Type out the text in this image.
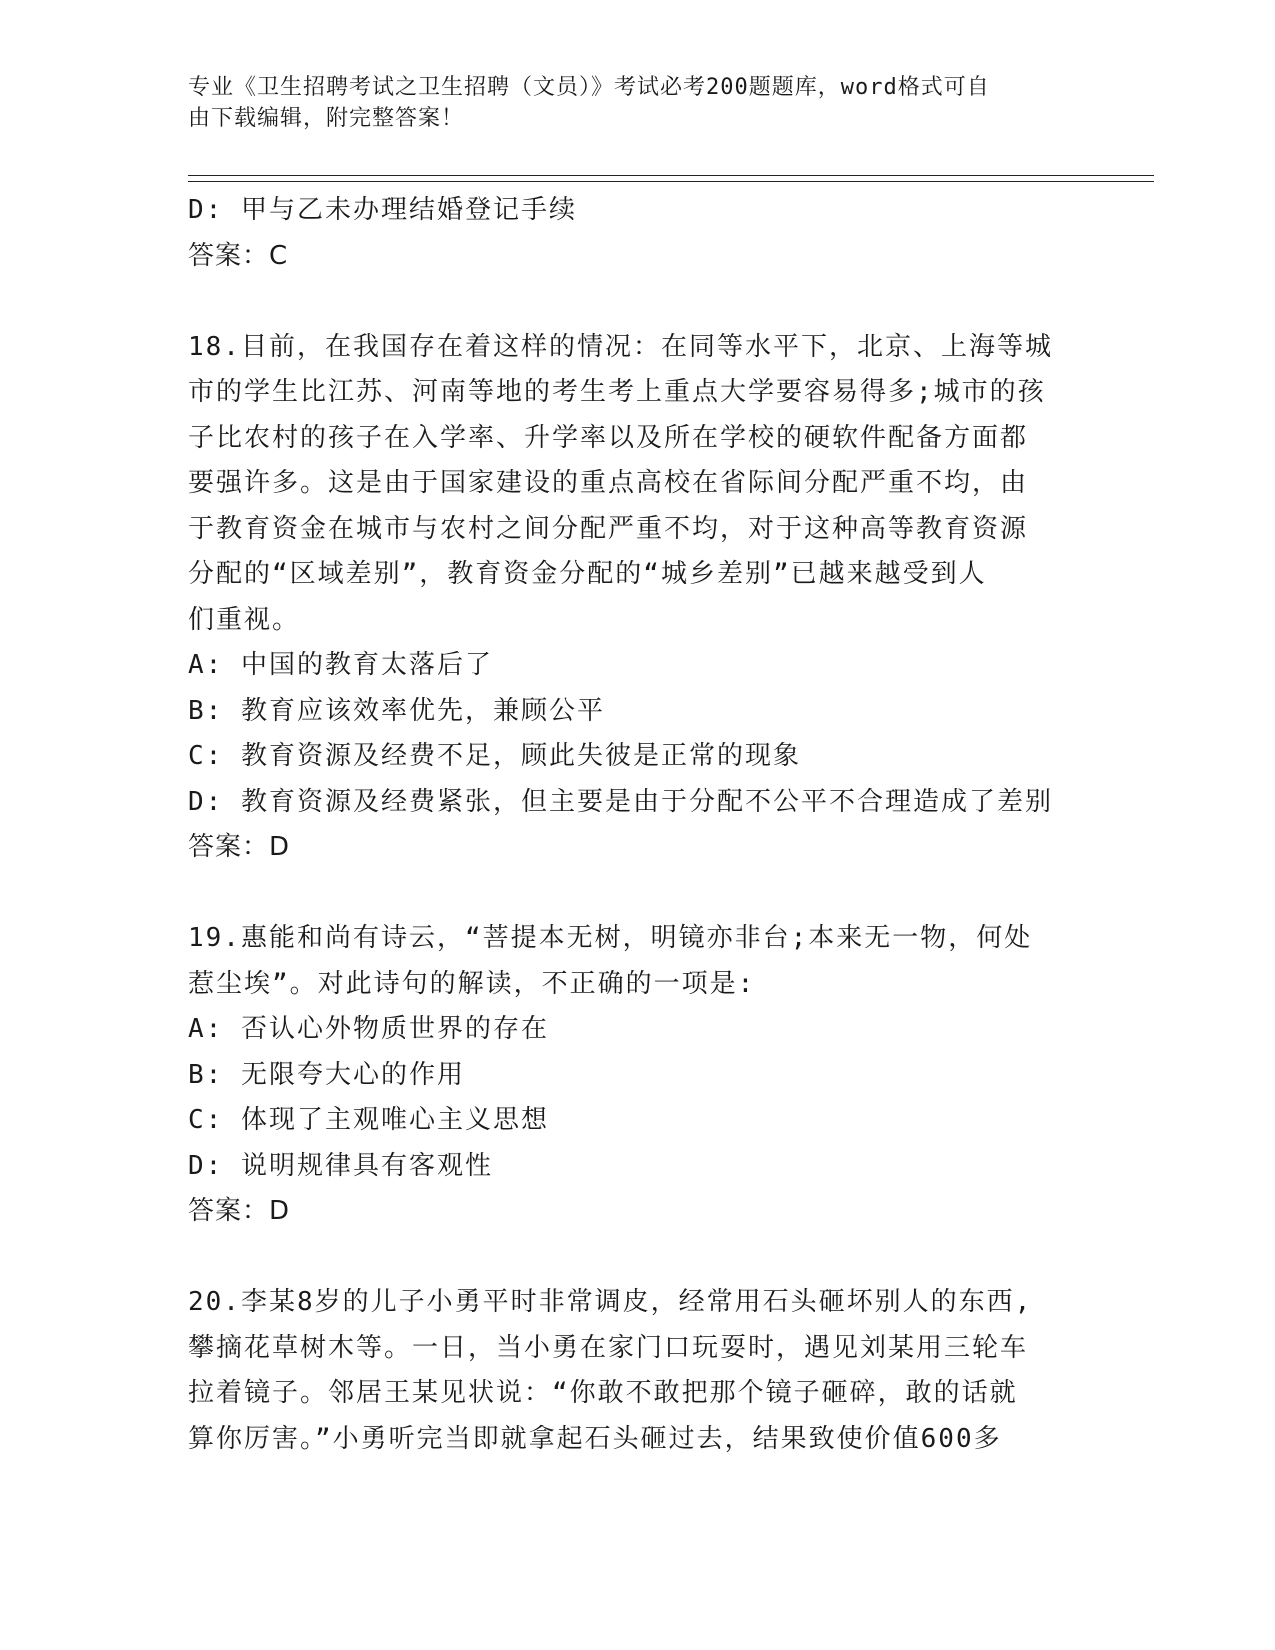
专业《卫生招聘考试之卫生招聘（文员）》考试必考200题题库，word格式可自
由下载编辑，附完整答案！
D: 甲与乙未办理结婚登记手续
答案：C
18.目前，在我国存在着这样的情况：在同等水平下，北京、上海等城
市的学生比江苏、河南等地的考生考上重点大学要容易得多;城市的孩
子比农村的孩子在入学率、升学率以及所在学校的硬软件配备方面都
要强许多。这是由于国家建设的重点高校在省际间分配严重不均，由
于教育资金在城市与农村之间分配严重不均，对于这种高等教育资源
分配的“区域差别”，教育资金分配的“城乡差别”已越来越受到人
们重视。
A: 中国的教育太落后了
B: 教育应该效率优先，兼顾公平
C: 教育资源及经费不足，顾此失彼是正常的现象
D: 教育资源及经费紧张，但主要是由于分配不公平不合理造成了差别
答案：D
19.惠能和尚有诗云，“菩提本无树，明镜亦非台;本来无一物，何处
惹尘埃”。对此诗句的解读，不正确的一项是:
A: 否认心外物质世界的存在
B: 无限夸大心的作用
C: 体现了主观唯心主义思想
D: 说明规律具有客观性
答案：D
20.李某8岁的儿子小勇平时非常调皮，经常用石头砸坏别人的东西,
攀摘花草树木等。一日，当小勇在家门口玩耍时，遇见刘某用三轮车
拉着镜子。邻居王某见状说：“你敢不敢把那个镜子砸碎，敢的话就
算你厉害。”小勇听完当即就拿起石头砸过去，结果致使价值600多
